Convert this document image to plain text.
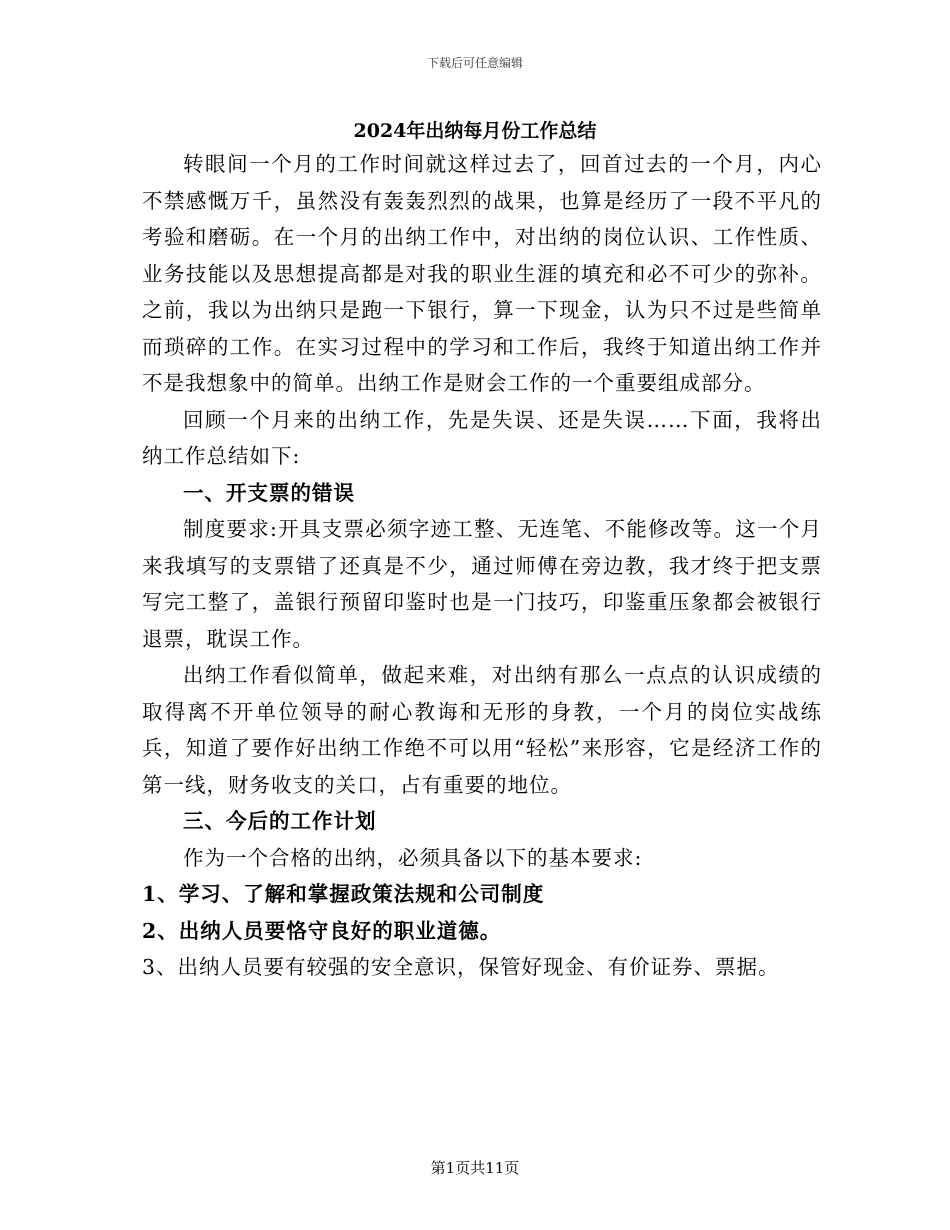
下载后可任意编辑
2024年出纳每月份工作总结

转眼间一个月的工作时间就这样过去了，回首过去的一个月，内心不禁感慨万千，虽然没有轰轰烈烈的战果，也算是经历了一段不平凡的考验和磨砺。在一个月的出纳工作中，对出纳的岗位认识、工作性质、业务技能以及思想提高都是对我的职业生涯的填充和必不可少的弥补。之前，我以为出纳只是跑一下银行，算一下现金，认为只不过是些简单而琐碎的工作。在实习过程中的学习和工作后，我终于知道出纳工作并不是我想象中的简单。出纳工作是财会工作的一个重要组成部分。

回顾一个月来的出纳工作，先是失误、还是失误……下面，我将出纳工作总结如下:

一、开支票的错误

制度要求:开具支票必须字迹工整、无连笔、不能修改等。这一个月来我填写的支票错了还真是不少，通过师傅在旁边教，我才终于把支票写完工整了，盖银行预留印鉴时也是一门技巧，印鉴重压象都会被银行退票，耽误工作。

出纳工作看似简单，做起来难，对出纳有那么一点点的认识成绩的取得离不开单位领导的耐心教诲和无形的身教，一个月的岗位实战练兵，知道了要作好出纳工作绝不可以用“轻松”来形容，它是经济工作的第一线，财务收支的关口，占有重要的地位。

三、今后的工作计划

作为一个合格的出纳，必须具备以下的基本要求:

1、学习、了解和掌握政策法规和公司制度

2、出纳人员要恪守良好的职业道德。

3、出纳人员要有较强的安全意识，保管好现金、有价证券、票据。

第1页共11页
